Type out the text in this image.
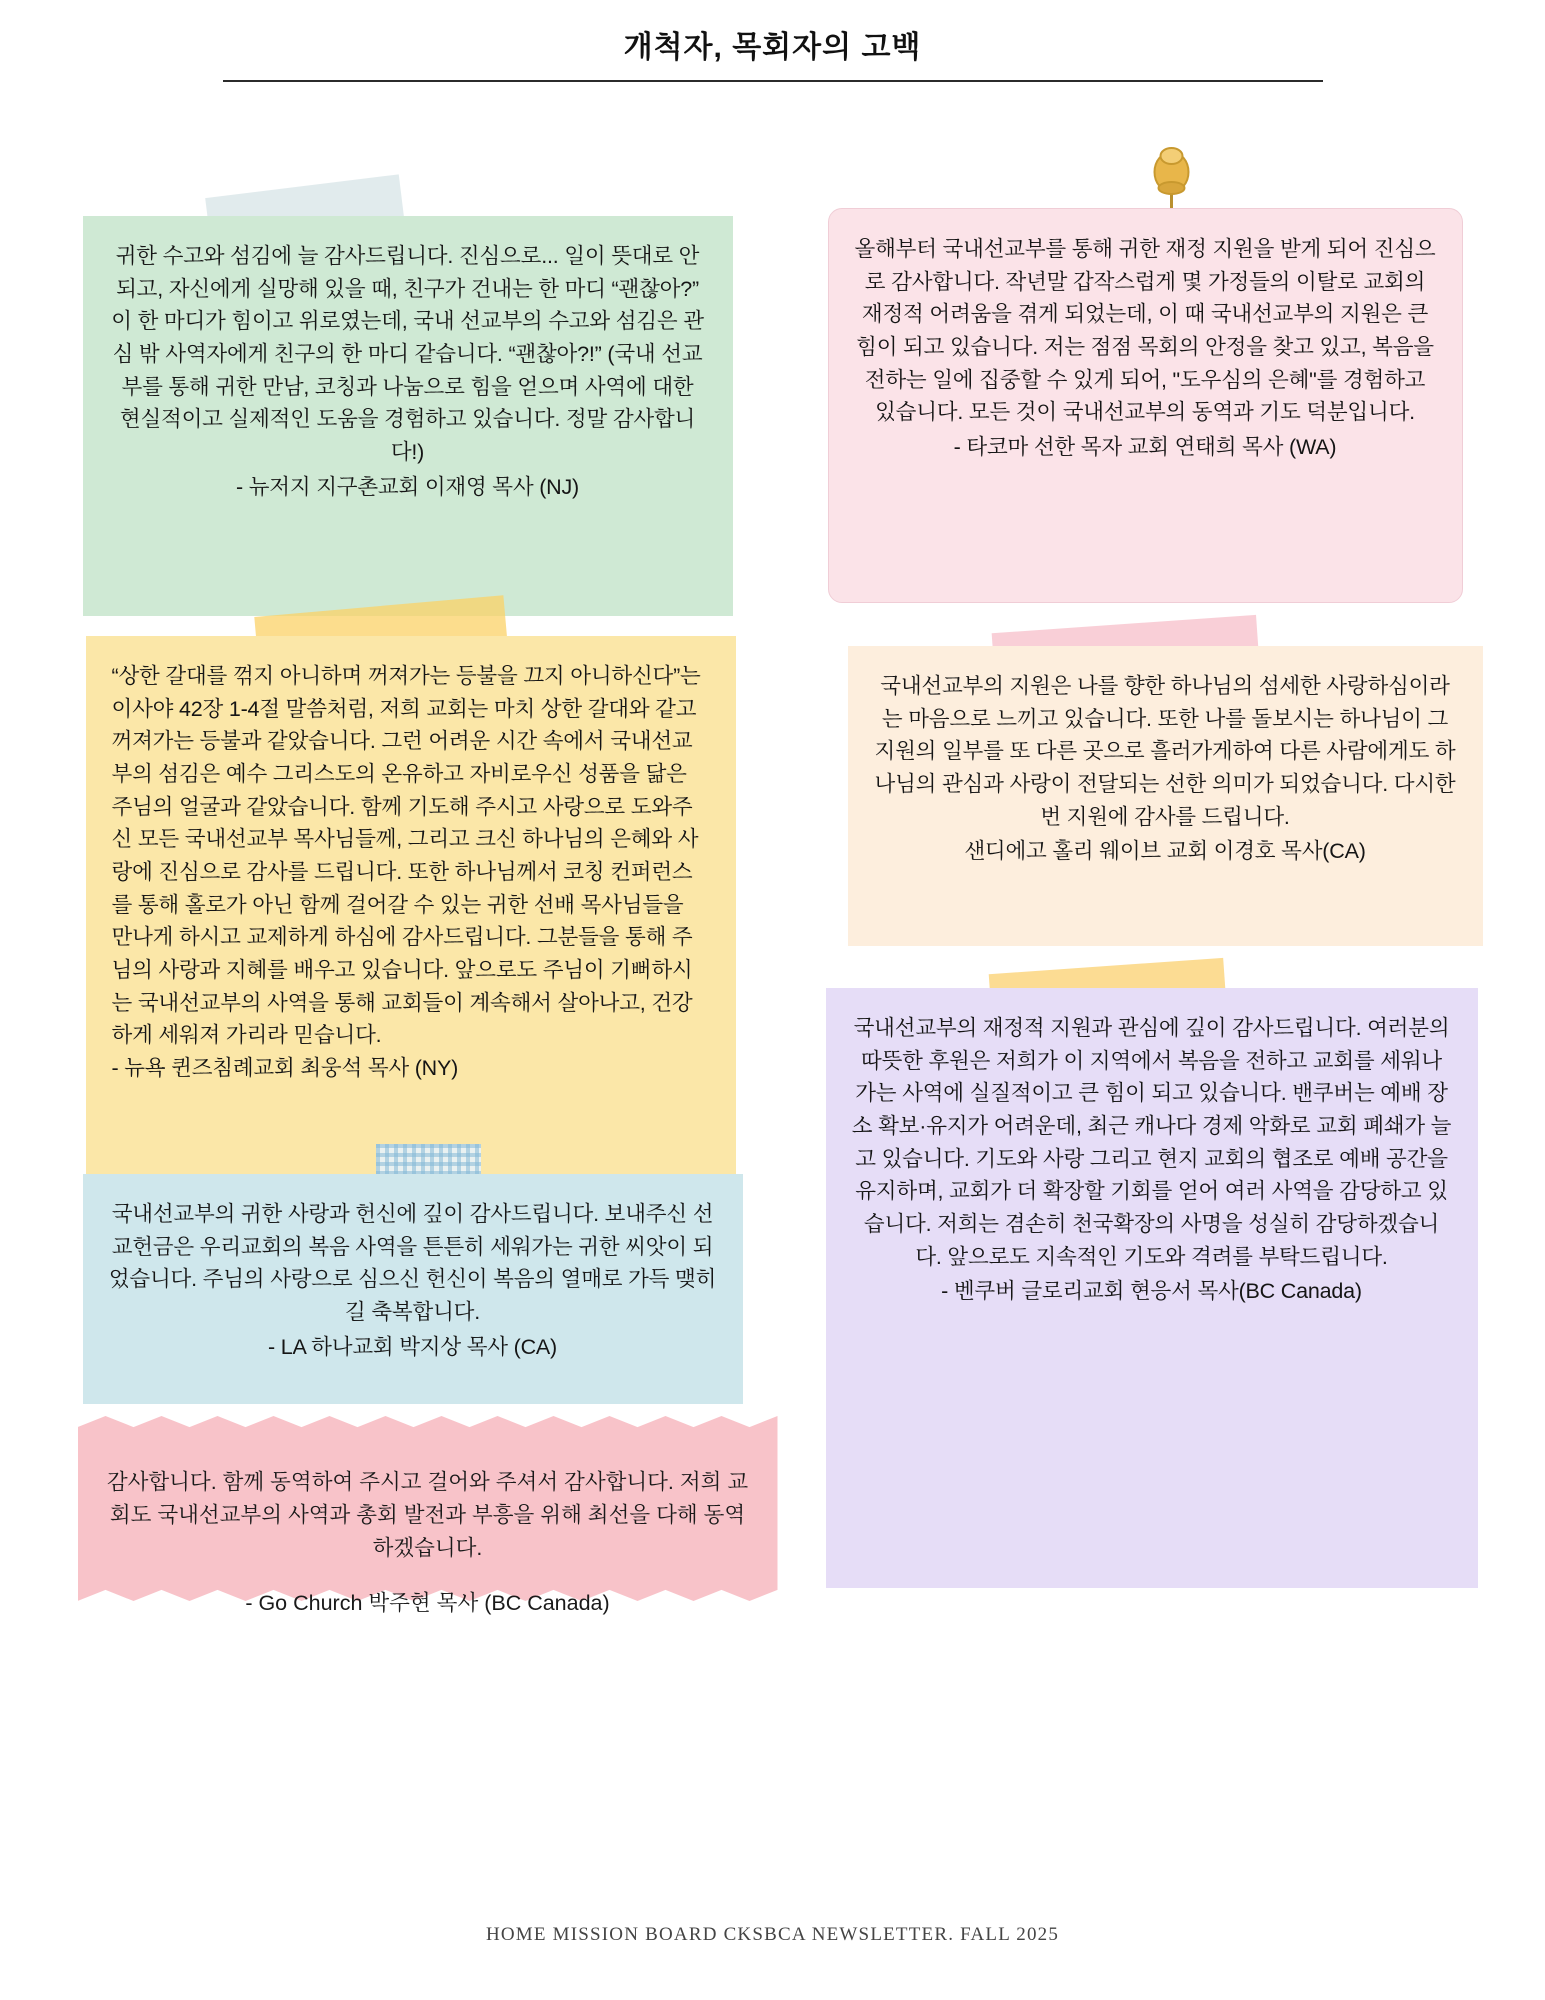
개척자, 목회자의 고백

귀한 수고와 섬김에 늘 감사드립니다. 진심으로... 일이 뜻대로 안 되고, 자신에게 실망해 있을 때, 친구가 건내는 한 마디 “괜찮아?” 이 한 마디가 힘이고 위로였는데, 국내 선교부의 수고와 섬김은 관심 밖 사역자에게 친구의 한 마디 같습니다. “괜찮아?!” (국내 선교부를 통해 귀한 만남, 코칭과 나눔으로 힘을 얻으며 사역에 대한 현실적이고 실제적인 도움을 경험하고 있습니다. 정말 감사합니다!)

- 뉴저지 지구촌교회 이재영 목사 (NJ)

“상한 갈대를 꺾지 아니하며 꺼져가는 등불을 끄지 아니하신다”는 이사야 42장 1-4절 말씀처럼, 저희 교회는 마치 상한 갈대와 같고 꺼져가는 등불과 같았습니다. 그런 어려운 시간 속에서 국내선교부의 섬김은 예수 그리스도의 온유하고 자비로우신 성품을 닮은 주님의 얼굴과 같았습니다. 함께 기도해 주시고 사랑으로 도와주신 모든 국내선교부 목사님들께, 그리고 크신 하나님의 은혜와 사랑에 진심으로 감사를 드립니다. 또한 하나님께서 코칭 컨퍼런스를 통해 홀로가 아닌 함께 걸어갈 수 있는 귀한 선배 목사님들을 만나게 하시고 교제하게 하심에 감사드립니다. 그분들을 통해 주님의 사랑과 지혜를 배우고 있습니다. 앞으로도 주님이 기뻐하시는 국내선교부의 사역을 통해 교회들이 계속해서 살아나고, 건강하게 세워져 가리라 믿습니다.

- 뉴욕 퀸즈침례교회 최웅석 목사 (NY)

국내선교부의 귀한 사랑과 헌신에 깊이 감사드립니다. 보내주신 선교헌금은 우리교회의 복음 사역을 튼튼히 세워가는 귀한 씨앗이 되었습니다. 주님의 사랑으로 심으신 헌신이 복음의 열매로 가득 맺히길 축복합니다.

- LA 하나교회 박지상 목사 (CA)

감사합니다. 함께 동역하여 주시고 걸어와 주셔서 감사합니다. 저희 교회도 국내선교부의 사역과 총회 발전과 부흥을 위해 최선을 다해 동역하겠습니다.

- Go Church 박주현 목사 (BC Canada)

올해부터 국내선교부를 통해 귀한 재정 지원을 받게 되어 진심으로 감사합니다. 작년말 갑작스럽게 몇 가정들의 이탈로 교회의 재정적 어려움을 겪게 되었는데, 이 때 국내선교부의 지원은 큰 힘이 되고 있습니다. 저는 점점 목회의 안정을 찾고 있고, 복음을 전하는 일에 집중할 수 있게 되어, "도우심의 은혜"를 경험하고 있습니다. 모든 것이 국내선교부의 동역과 기도 덕분입니다.

- 타코마 선한 목자 교회 연태희 목사 (WA)

국내선교부의 지원은 나를 향한 하나님의 섬세한 사랑하심이라는 마음으로 느끼고 있습니다. 또한 나를 돌보시는 하나님이 그 지원의 일부를 또 다른 곳으로 흘러가게하여 다른 사람에게도 하나님의 관심과 사랑이 전달되는 선한 의미가 되었습니다. 다시한번 지원에 감사를 드립니다.

샌디에고 홀리 웨이브 교회 이경호 목사(CA)

국내선교부의 재정적 지원과 관심에 깊이 감사드립니다. 여러분의 따뜻한 후원은 저희가 이 지역에서 복음을 전하고 교회를 세워나가는 사역에 실질적이고 큰 힘이 되고 있습니다. 밴쿠버는 예배 장소 확보·유지가 어려운데, 최근 캐나다 경제 악화로 교회 폐쇄가 늘고 있습니다. 기도와 사랑 그리고 현지 교회의 협조로 예배 공간을 유지하며, 교회가 더 확장할 기회를 얻어 여러 사역을 감당하고 있습니다. 저희는 겸손히 천국확장의 사명을 성실히 감당하겠습니다. 앞으로도 지속적인 기도와 격려를 부탁드립니다.

- 벤쿠버 글로리교회 현응서 목사(BC Canada)
HOME MISSION BOARD CKSBCA NEWSLETTER. FALL 2025
